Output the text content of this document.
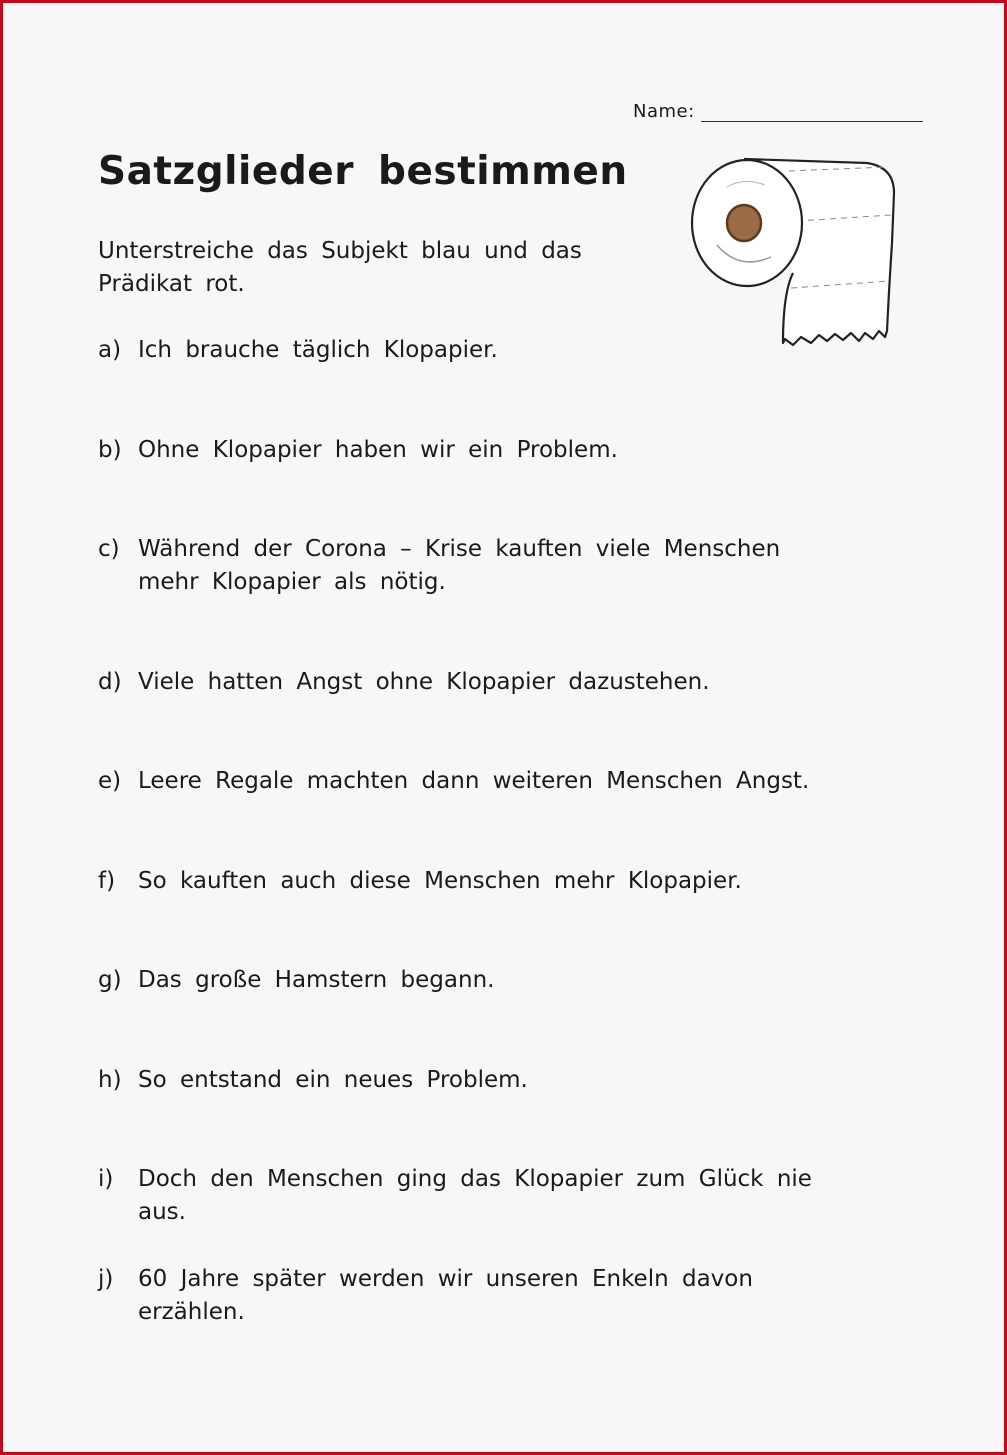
Name:
Satzglieder bestimmen

Unterstreiche das Subjekt blau und das Prädikat rot.

a) Ich brauche täglich Klopapier.
b) Ohne Klopapier haben wir ein Problem.
c) Während der Corona – Krise kauften viele Menschen mehr Klopapier als nötig.
d) Viele hatten Angst ohne Klopapier dazustehen.
e) Leere Regale machten dann weiteren Menschen Angst.
f) So kauften auch diese Menschen mehr Klopapier.
g) Das große Hamstern begann.
h) So entstand ein neues Problem.
i)	Doch den Menschen ging das Klopapier zum Glück nie aus.
j)	60 Jahre später werden wir unseren Enkeln davon erzählen.
